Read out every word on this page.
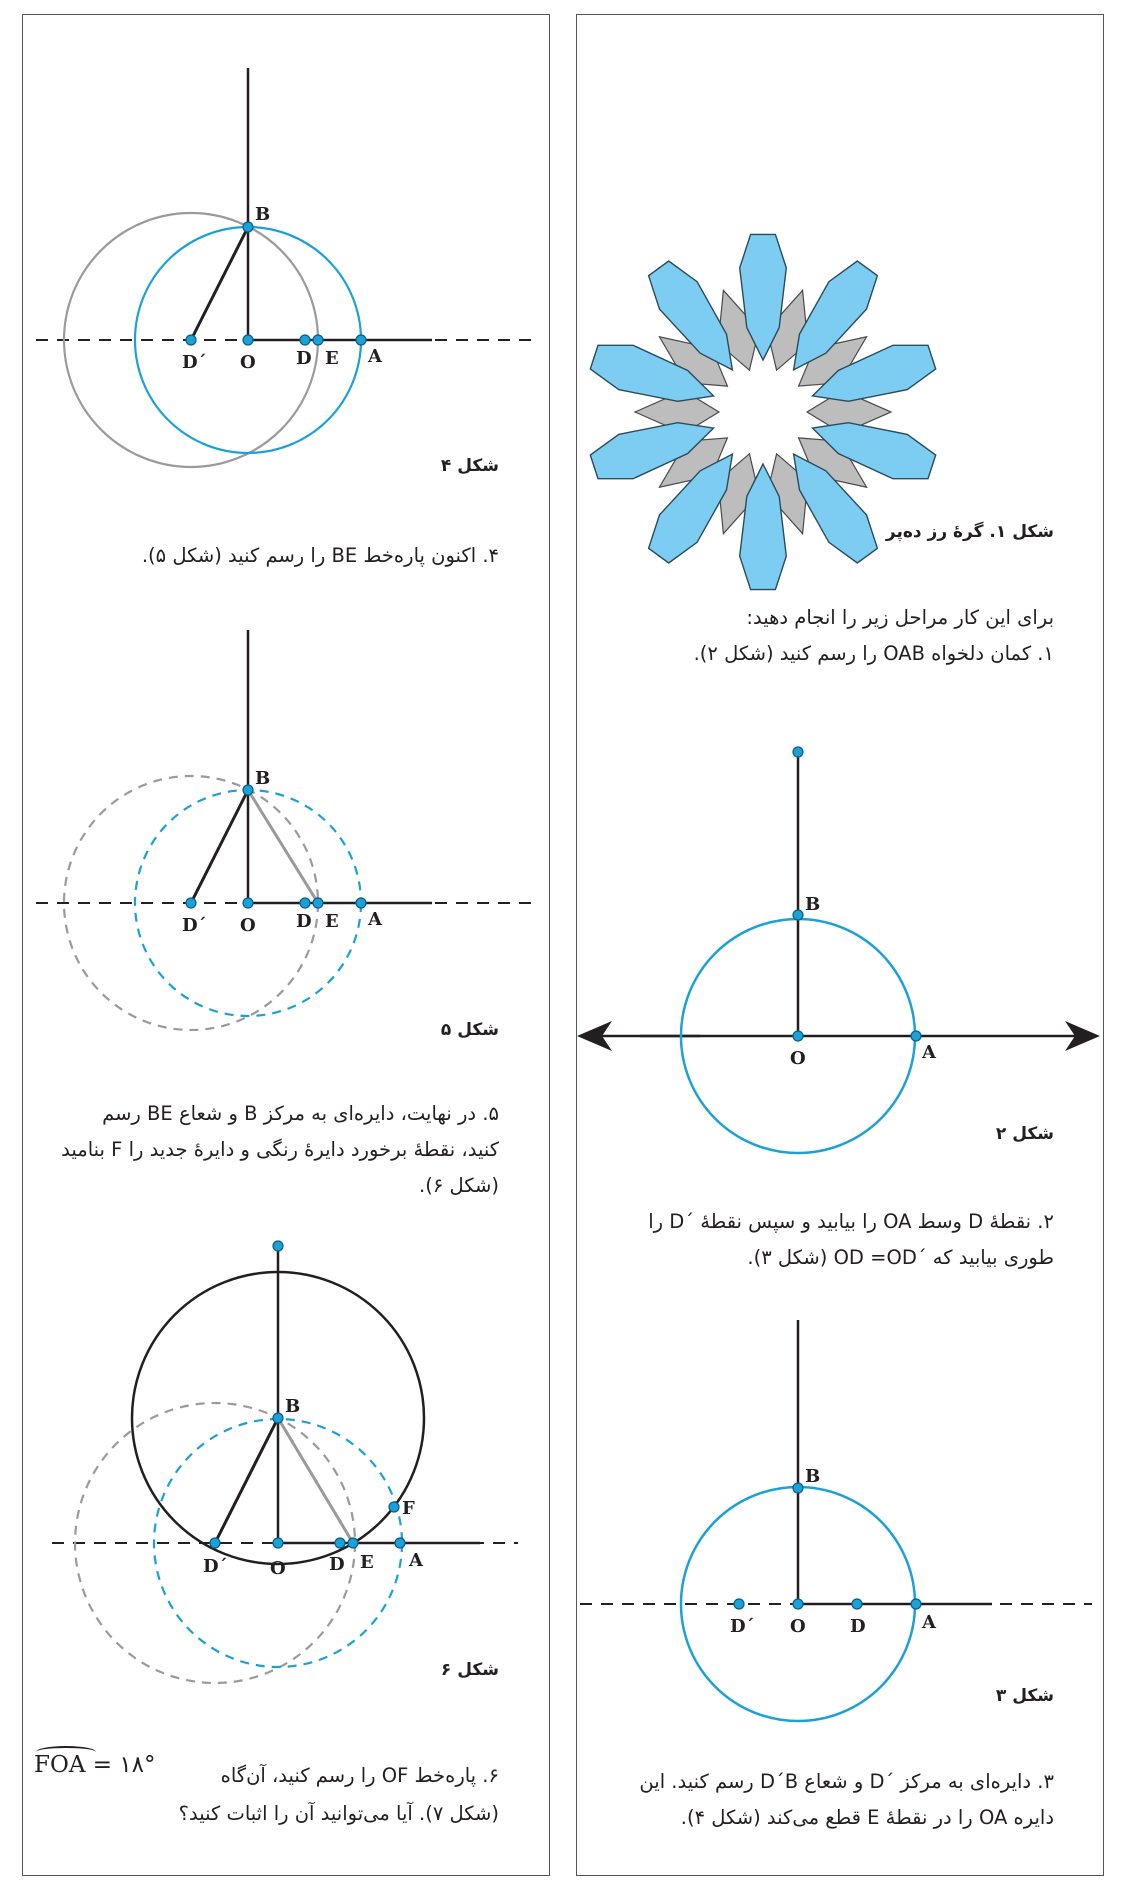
شکل ۱. گرهٔ رز ده‌پر
برای این کار مراحل زیر را انجام دهید:
۱. کمان دلخواه OAB را رسم کنید (شکل ۲).
B
O	A
شکل ۲
۲. نقطهٔ D وسط OA را بیابید و سپس نقطهٔ ´D را
طوری بیابید که ´OD =OD (شکل ۳).
B
D´ O D	A
شکل ۳
۳. دایره‌ای به مرکز ´D و شعاع D´B رسم کنید. این
دایره OA را در نقطهٔ E قطع می‌کند (شکل ۴).
B
D´ O D E A
شکل ۴
۴. اکنون پاره‌خط BE را رسم کنید (شکل ۵).
B
D´ O D E A
شکل ۵
۵. در نهایت، دایره‌ای به مرکز B و شعاع BE رسم
کنید، نقطهٔ برخورد دایرهٔ رنگی و دایرهٔ جدید را F بنامید
(شکل ۶).
B
F
D´ O D E A
شکل ۶
۶. پاره‌خط OF را رسم کنید، آن‌گاه
FOA = ۱۸°
(شکل ۷). آیا می‌توانید آن را اثبات کنید؟
